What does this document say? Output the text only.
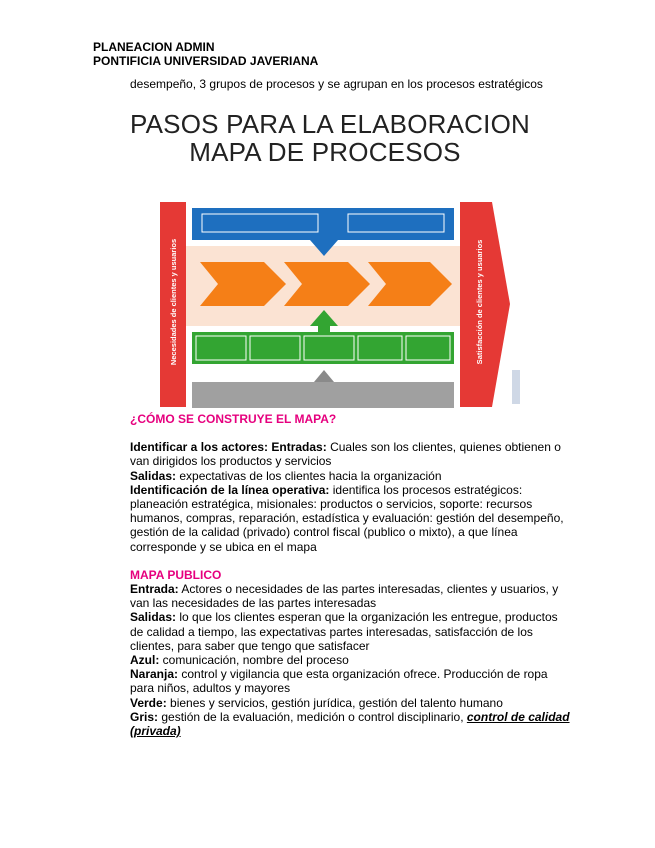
PLANEACION ADMIN
PONTIFICIA UNIVERSIDAD JAVERIANA
desempeño, 3 grupos de procesos y se agrupan en los procesos estratégicos
PASOS PARA LA ELABORACION
MAPA DE PROCESOS
Necesidades de clientes y usuarios	Satisfacción de clientes y usuarios

¿CÓMO SE CONSTRUYE EL MAPA?

Identificar a los actores: Entradas: Cuales son los clientes, quienes obtienen o van dirigidos los productos y servicios

Salidas: expectativas de los clientes hacia la organización

Identificación de la línea operativa: identifica los procesos estratégicos: planeación estratégica, misionales: productos o servicios, soporte: recursos humanos, compras, reparación, estadística y evaluación: gestión del desempeño, gestión de la calidad (privado) control fiscal (publico o mixto), a que línea corresponde y se ubica en el mapa

MAPA PUBLICO

Entrada: Actores o necesidades de las partes interesadas, clientes y usuarios, y van las necesidades de las partes interesadas

Salidas: lo que los clientes esperan que la organización les entregue, productos de calidad a tiempo, las expectativas partes interesadas, satisfacción de los clientes, para saber que tengo que satisfacer

Azul: comunicación, nombre del proceso

Naranja: control y vigilancia que esta organización ofrece. Producción de ropa para niños, adultos y mayores

Verde: bienes y servicios, gestión jurídica, gestión del talento humano

Gris: gestión de la evaluación, medición o control disciplinario, control de calidad (privada)
